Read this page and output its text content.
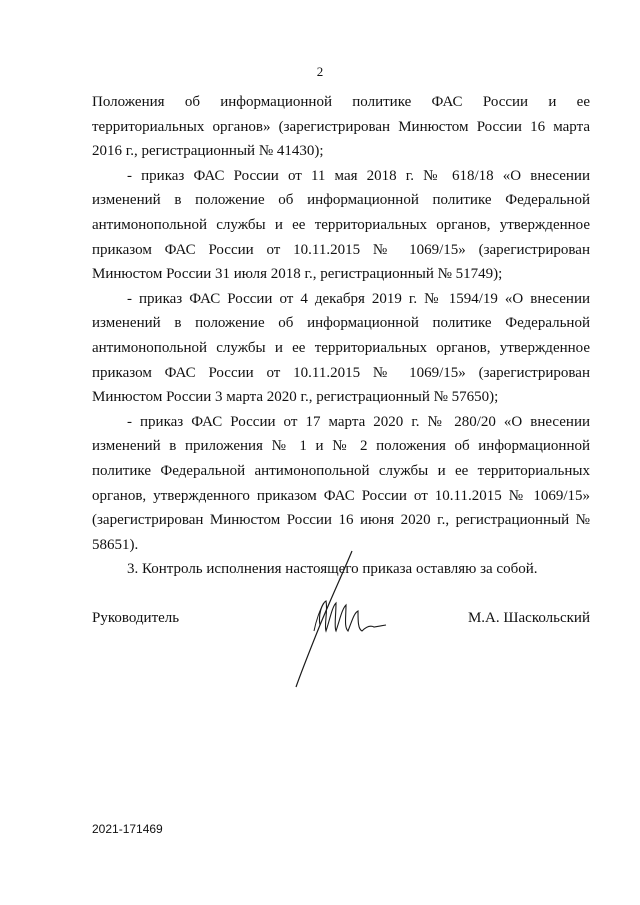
2

Положения об информационной политике ФАС России и ее территориальных органов» (зарегистрирован Минюстом России 16 марта 2016 г., регистрационный № 41430);

- приказ ФАС России от 11 мая 2018 г. № 618/18 «О внесении изменений в положение об информационной политике Федеральной антимонопольной службы и ее территориальных органов, утвержденное приказом ФАС России от 10.11.2015 № 1069/15» (зарегистрирован Минюстом России 31 июля 2018 г., регистрационный № 51749);

- приказ ФАС России от 4 декабря 2019 г. № 1594/19 «О внесении изменений в положение об информационной политике Федеральной антимонопольной службы и ее территориальных органов, утвержденное приказом ФАС России от 10.11.2015 № 1069/15» (зарегистрирован Минюстом России 3 марта 2020 г., регистрационный № 57650);

- приказ ФАС России от 17 марта 2020 г. № 280/20 «О внесении изменений в приложения № 1 и № 2 положения об информационной политике Федеральной антимонопольной службы и ее территориальных органов, утвержденного приказом ФАС России от 10.11.2015 № 1069/15» (зарегистрирован Минюстом России 16 июня 2020 г., регистрационный № 58651).

3. Контроль исполнения настоящего приказа оставляю за собой.

Руководитель	М.А. Шаскольский
2021-171469
